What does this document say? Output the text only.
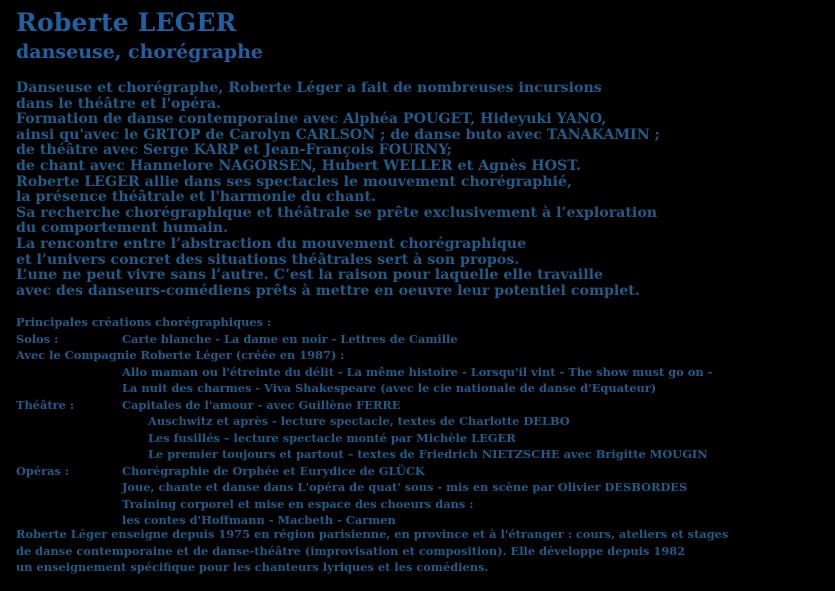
Roberte LEGER
danseuse, chorégraphe
Danseuse et chorégraphe, Roberte Léger a fait de nombreuses incursions
dans le théâtre et l'opéra.
Formation de danse contemporaine avec Alphéa POUGET, Hideyuki YANO,
ainsi qu'avec le GRTOP de Carolyn CARLSON ; de danse buto avec TANAKAMIN ;
de théâtre avec Serge KARP et Jean-François FOURNY;
de chant avec Hannelore NAGORSEN, Hubert WELLER et Agnès HOST.
Roberte LEGER allie dans ses spectacles le mouvement chorégraphié,
la présence théâtrale et l'harmonie du chant.
Sa recherche chorégraphique et théâtrale se prête exclusivement à l’exploration
du comportement humain.
La rencontre entre l’abstraction du mouvement chorégraphique
et l’univers concret des situations théâtrales sert à son propos.
L’une ne peut vivre sans l’autre. C’est la raison pour laquelle elle travaille
avec des danseurs-comédiens prêts à mettre en oeuvre leur potentiel complet.
Principales créations chorégraphiques :
Solos :	Carte blanche - La dame en noir - Lettres de Camille
Avec le Compagnie Roberte Léger (créée en 1987) :
Allo maman ou l'étreinte du délit - La même histoire - Lorsqu'il vint - The show must go on -
La nuit des charmes - Viva Shakespeare (avec le cie nationale de danse d'Equateur)
Théâtre :	Capitales de l'amour - avec Guillène FERRE
Auschwitz et après - lecture spectacle, textes de Charlotte DELBO
Les fusillés – lecture spectacle monté par Michèle LEGER
Le premier toujours et partout – textes de Friedrich NIETZSCHE avec Brigitte MOUGIN
Opéras :	Chorégraphie de Orphée et Eurydice de GLÜCK
Joue, chante et danse dans L'opéra de quat' sous - mis en scène par Olivier DESBORDES
Training corporel et mise en espace des choeurs dans :
les contes d'Hoffmann - Macbeth - Carmen
Roberte Léger enseigne depuis 1975 en région parisienne, en province et à l'étranger : cours, ateliers et stages
de danse contemporaine et de danse-théâtre (improvisation et composition). Elle développe depuis 1982
un enseignement spécifique pour les chanteurs lyriques et les comédiens.
